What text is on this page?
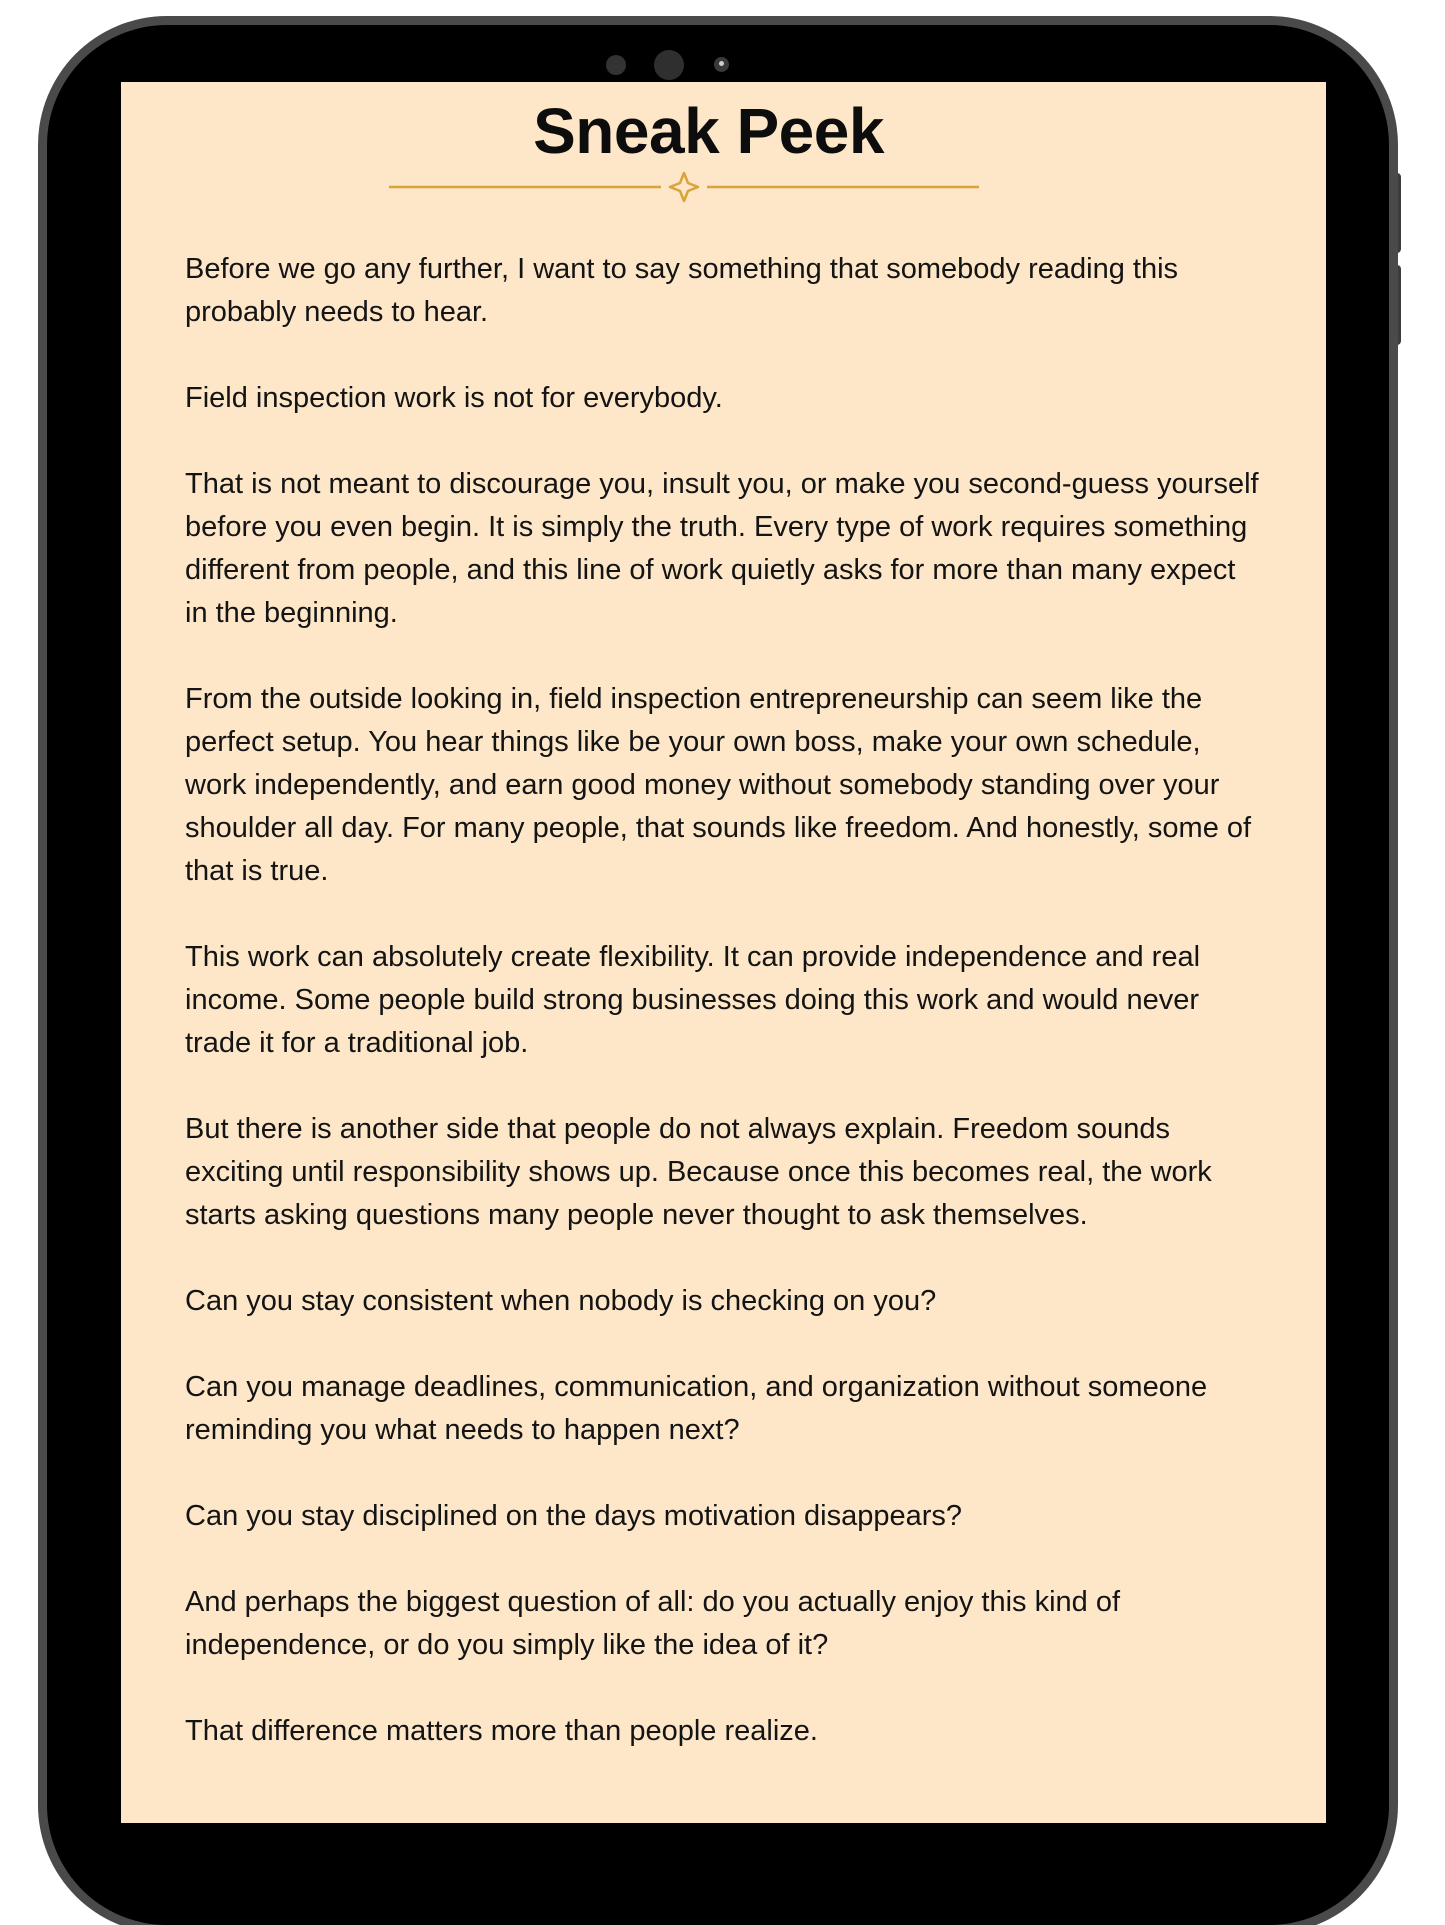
Sneak Peek

Before we go any further, I want to say something that somebody reading this probably needs to hear.

Field inspection work is not for everybody.

That is not meant to discourage you, insult you, or make you second-guess yourself before you even begin. It is simply the truth. Every type of work requires something different from people, and this line of work quietly asks for more than many expect in the beginning.

From the outside looking in, field inspection entrepreneurship can seem like the perfect setup. You hear things like be your own boss, make your own schedule, work independently, and earn good money without somebody standing over your shoulder all day. For many people, that sounds like freedom. And honestly, some of that is true.

This work can absolutely create flexibility. It can provide independence and real income. Some people build strong businesses doing this work and would never trade it for a traditional job.

But there is another side that people do not always explain. Freedom sounds exciting until responsibility shows up. Because once this becomes real, the work starts asking questions many people never thought to ask themselves.

Can you stay consistent when nobody is checking on you?

Can you manage deadlines, communication, and organization without someone reminding you what needs to happen next?

Can you stay disciplined on the days motivation disappears?

And perhaps the biggest question of all: do you actually enjoy this kind of independence, or do you simply like the idea of it?

That difference matters more than people realize.
